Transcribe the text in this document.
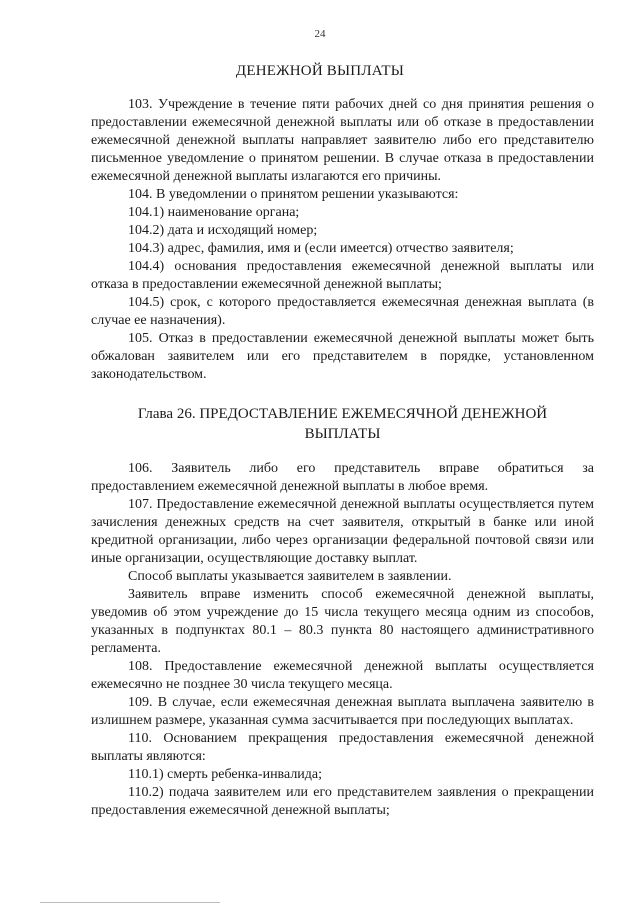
24
ДЕНЕЖНОЙ ВЫПЛАТЫ

103. Учреждение в течение пяти рабочих дней со дня принятия решения о предоставлении ежемесячной денежной выплаты или об отказе в предоставлении ежемесячной денежной выплаты направляет заявителю либо его представителю письменное уведомление о принятом решении. В случае отказа в предоставлении ежемесячной денежной выплаты излагаются его причины.

104. В уведомлении о принятом решении указываются:

104.1) наименование органа;

104.2) дата и исходящий номер;

104.3) адрес, фамилия, имя и (если имеется) отчество заявителя;

104.4) основания предоставления ежемесячной денежной выплаты или отказа в предоставлении ежемесячной денежной выплаты;

104.5) срок, с которого предоставляется ежемесячная денежная выплата (в случае ее назначения).

105. Отказ в предоставлении ежемесячной денежной выплаты может быть обжалован заявителем или его представителем в порядке, установленном законодательством.

Глава 26. ПРЕДОСТАВЛЕНИЕ ЕЖЕМЕСЯЧНОЙ ДЕНЕЖНОЙ ВЫПЛАТЫ

106. Заявитель либо его представитель вправе обратиться за предоставлением ежемесячной денежной выплаты в любое время.

107. Предоставление ежемесячной денежной выплаты осуществляется путем зачисления денежных средств на счет заявителя, открытый в банке или иной кредитной организации, либо через организации федеральной почтовой связи или иные организации, осуществляющие доставку выплат.

Способ выплаты указывается заявителем в заявлении.

Заявитель вправе изменить способ ежемесячной денежной выплаты, уведомив об этом учреждение до 15 числа текущего месяца одним из способов, указанных в подпунктах 80.1 – 80.3 пункта 80 настоящего административного регламента.

108. Предоставление ежемесячной денежной выплаты осуществляется ежемесячно не позднее 30 числа текущего месяца.

109. В случае, если ежемесячная денежная выплата выплачена заявителю в излишнем размере, указанная сумма засчитывается при последующих выплатах.

110. Основанием прекращения предоставления ежемесячной денежной выплаты являются:

110.1) смерть ребенка-инвалида;

110.2) подача заявителем или его представителем заявления о прекращении предоставления ежемесячной денежной выплаты;
